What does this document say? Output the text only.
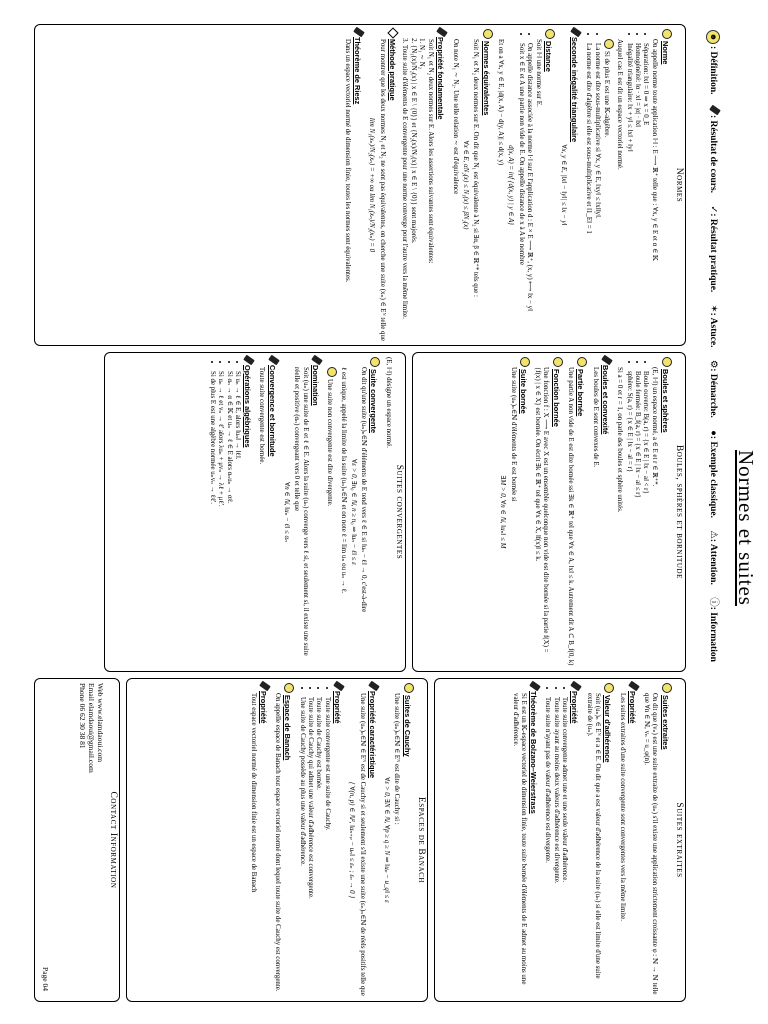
Normes et suites
☻: Définition. : Résultat de cours. ✓: Résultat pratique. ✶: Astuce. ⚙: Démarche. ●: Exemple classique. ⚠: Attention. ⓘ: Information
Normes
Norme
On appelle norme toute application ‖·‖ : E ⟶ ℝ⁺ telle que : ∀x, y ∈ E et α ∈ 𝕂
• Séparation: ‖x‖ = 0 ⇒ x = 0_E
• Homogénéité: ‖α · x‖ = |α| · ‖x‖
• Inégalité triangulaire: ‖x + y‖ ≤ ‖x‖ + ‖y‖
Auquel cas E est dit un espace vectoriel normé.
Si de plus E est une 𝕂-algèbre.
• La norme est dite sous-multiplicative si ∀x, y ∈ E, ‖xy‖ ≤ ‖x‖‖y‖.
• La norme est dite d'algèbre si elle est sous-multiplicative et ‖1_E‖ = 1
Seconde inégalité triangulaire
∀x, y ∈ E, |‖x‖ − ‖y‖| ≤ ‖x − y‖
Distance
Soit ‖·‖ une norme sur E.
• On appelle distance associée à la norme ‖·‖ sur E l'application d : E × E ⟶ ℝ⁺, (x, y) ⟼ ‖x − y‖
• Soit x ∈ E et A une partie non vide de E. On appelle distance de x à A le nombre
d(x, A) = inf {d(x, y) | y ∈ A}
Et on a ∀x, y ∈ E, |d(x, A) − d(y, A)| ≤ d(x, y)
Normes équivalentes
Soit N₁ et N₂ deux normes sur E. On dit que N₁ est équivalente à N₂ si ∃α, β ∈ ℝ⁺* tels que :
∀x ∈ E, αN₂(x) ≤ N₁(x) ≤ βN₂(x)
On note N₁ ∼ N₂. Une telle relation ∼ est d'équivalence
Propriété fondamentale
Soit N₁ et N₂ deux normes sur E. Alors les assertions suivantes sont équivalentes:
1. N₁ ∼ N₂
2. {N₁(x)/N₂(x) | x ∈ E \ {0}} et {N₂(x)/N₁(x) | x ∈ E \ {0}} sont majorés.
3. Toute suite d'éléments de E convergente pour une norme converge pour l'autre vers la même limite.
Méthode pratique
Pour montrer que les deux normes N₁ et N₂ ne sont pas équivalentes, on cherche une suite (xₙ) ∈ Eᴺ telle que
lim N₁(xₙ)/N₂(xₙ) = +∞ ou lim N₁(xₙ)/N₂(xₙ) = 0
Théorème de Riesz
Dans un espace vectoriel normé de dimension finie, toutes les normes sont équivalentes.
Boules, sphères et bornitude
Boules et sphères
(E, ‖·‖) un espace normé, a ∈ E et r ∈ ℝ⁺*.
• Boule ouverte: B(a, r) = {x ∈ E | ‖x − a‖ < r}
• Boule fermée: B_f(a, r) = {x ∈ E | ‖x − a‖ ≤ r}
• sphère: S(a, r) = {x ∈ E | ‖x − a‖ = r}
Si a = 0 et r = 1, on parle des boules et sphère unités.
Boules et convexité
Les boules de E sont convexes de E.
Partie bornée
Une partie A non vide de E est dite bornée ssi ∃k ∈ ℝ⁺ tel que ∀x ∈ A, ‖x‖ ≤ k. Autrement dit A ⊂ B_f(0, k)
Fonction bornée
Une fonction f : X ⟶ E avec X est un ensemble quelconque non vide est dite bornée si la partie f(X) = {f(x) | x ∈ X} est bornée. On écrit ∃k ∈ ℝ⁺ tel que ∀x ∈ X, ‖f(x)‖ ≤ k.
Suite bornée
Une suite (uₙ)ₙ∈ℕ d'éléments de E est bornée si
∃M > 0, ∀n ∈ ℕ, ‖uₙ‖ ≤ M
Suites convergentes
(E, ‖·‖) désigne un espace normé.
Suite convergente
On dit qu'une suite (uₙ)ₙ∈ℕ d'éléments de E tend vers ℓ ∈ E si ‖uₙ − ℓ‖ → 0, c'est-à-dire
∀ε > 0, ∃n₀ ∈ ℕ, n ≥ n₀ ⇒ ‖uₙ − ℓ‖ ≤ ε
ℓ est unique, appelé la limite de la suite (uₙ)ₙ∈ℕ et on note ℓ = lim uₙ ou uₙ → ℓ.
Une suite non convergente est dite divergente.
Domination
Soit (uₙ) une suite de E et ℓ ∈ E. Alors la suite (uₙ) converge vers ℓ si, et seulement si, il existe une suite réelle et positive (αₙ) convergeant vers 0 et telle que
∀n ∈ ℕ, ‖uₙ − ℓ‖ ≤ αₙ
Convergence et bornitude
Toute suite convergente est bornée.
Opérations algébriques
• Si uₙ → ℓ ∈ E, alors ‖uₙ‖ → ‖ℓ‖.
• Si αₙ → α ∈ 𝕂 et uₙ → ℓ ∈ E alors αₙuₙ → αℓ.
• Si uₙ → ℓ et vₙ → ℓ' alors λuₙ + μvₙ → λℓ + μℓ'.
• Si de plus E est une algèbre normée uₙvₙ → ℓℓ'.
Suites extraites
Suites extraites
On dit que (vₙ) est une suite extraite de (uₙ) s'il existe une application strictement croissante φ : ℕ → ℕ telle que ∀n ∈ ℕ, vₙ = u_φ(n).
Propriété
Les suites extraites d'une suite convergente sont convergentes vers la même limite.
Valeur d'adhérence
Soit (uₙ)ₙ ∈ Eᴺ et a ∈ E. On dit que a est valeur d'adhérence de la suite (uₙ) si elle est limite d'une suite extraite de (uₙ).
Propriété
• Toute suite convergente admet une et une seule valeur d'adhérence.
• Toute suite ayant au moins deux valeurs d'adhérence est divergente.
• Toute suite n'ayant pas de valeur d'adhérence est divergente.
Théorème de Bolzano–Weierstrass
Si E est un 𝕂-espace vectoriel de dimension finie, toute suite bornée d'éléments de E admet au moins une valeur d'adhérence.
Espaces de Banach
Suites de Cauchy
Une suite (uₙ)ₙ∈ℕ ∈ Eᴺ est dite de Cauchy si :
∀ε > 0, ∃N ∈ ℕ, ∀p ≥ q ≥ N ⇒ ‖uₚ − u_q‖ ≤ ε
Propriété caractéristique
Une suite (uₙ)ₙ∈ℕ ∈ Eᴺ est de Cauchy si et seulement s'il existe une suite (εₙ)ₙ∈ℕ de réels positifs telle que
{ ∀(n, p) ∈ ℕ², ‖uₙ₊ₚ − uₙ‖ ≤ εₙ ; εₙ → 0 }
Propriété
• Toute suite convergente est une suite de Cauchy.
• Toute suite de Cauchy est bornée.
• Toute suite de Cauchy qui admet une valeur d'adhérence est convergente.
• Une suite de Cauchy possède au plus une valeur d'adhérence.
Espace de Banach
On appelle espace de Banach tout espace vectoriel normé dont lequel toute suite de Cauchy est convergente.
Propriété
Tout espace vectoriel normé de dimension finie est un espace de Banach
Contact Information
Web www.elamdaoui.com
Email elamdaoui@gmail.com
Phone 06 62 30 38 81
Page 04
